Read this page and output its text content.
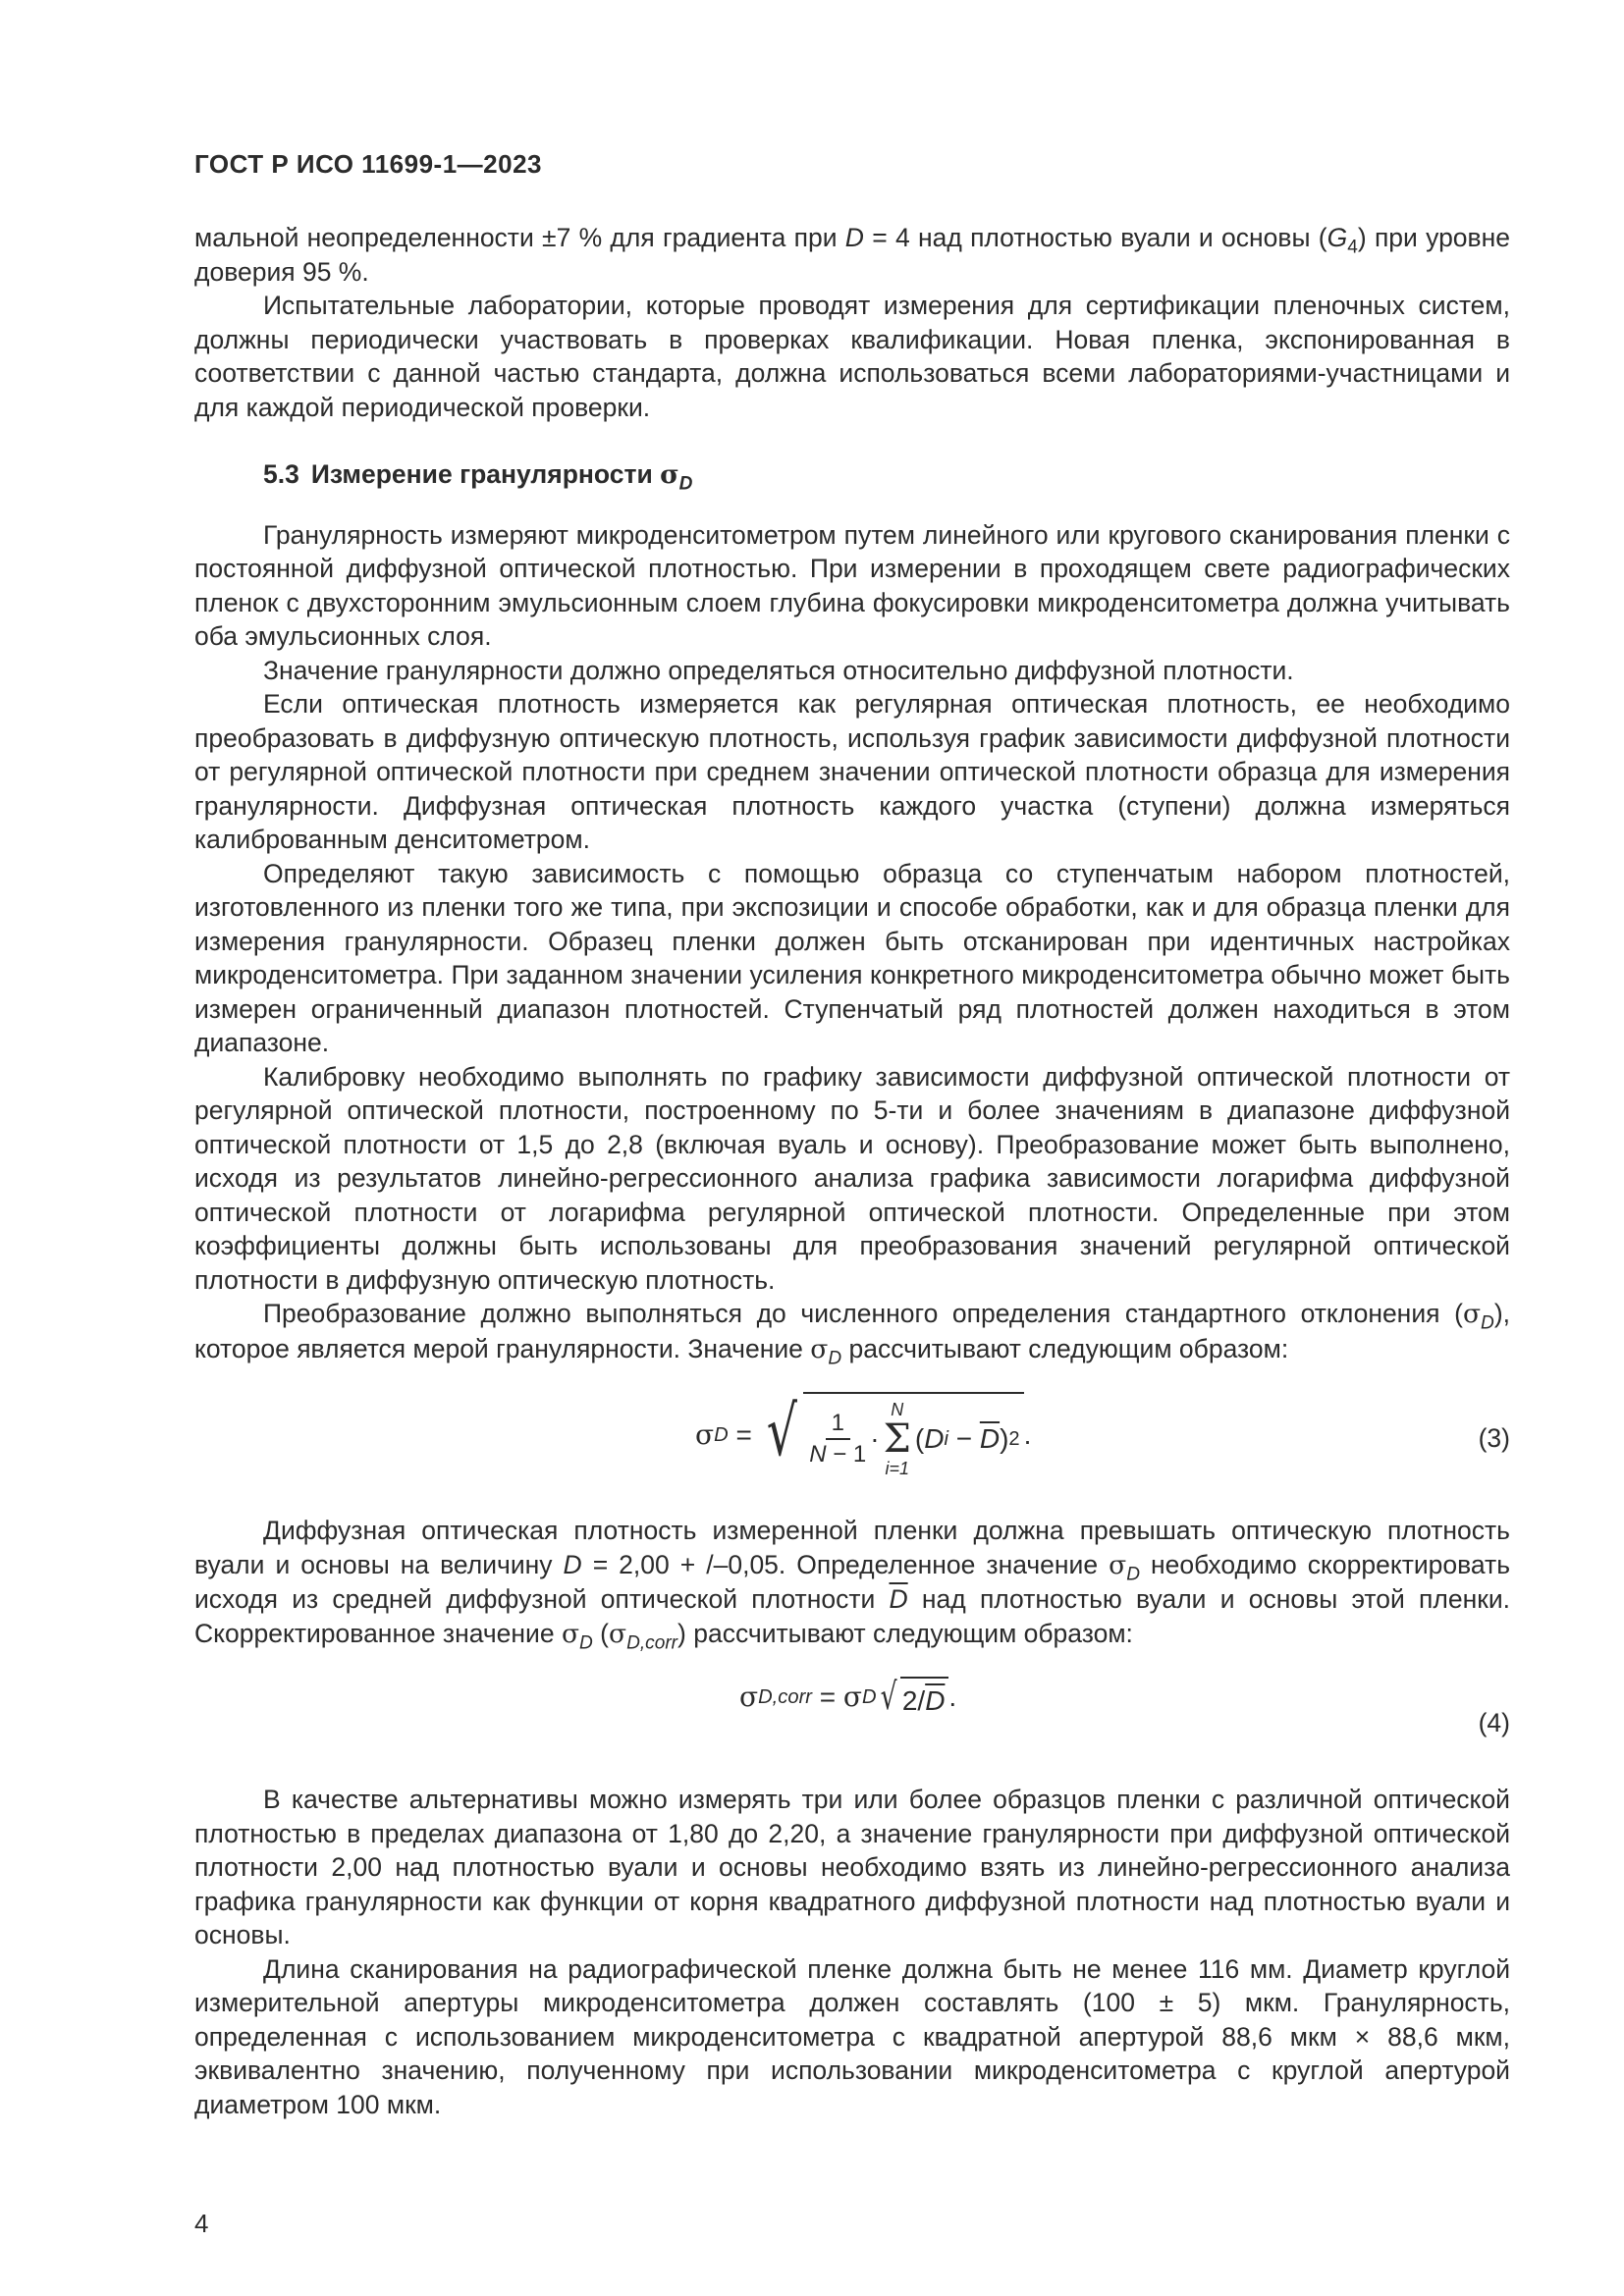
ГОСТ Р ИСО 11699-1—2023

мальной неопределенности ±7 % для градиента при D = 4 над плотностью вуали и основы $(G_4)$ при уровне доверия 95 %.

Испытательные лаборатории, которые проводят измерения для сертификации пленочных систем, должны периодически участвовать в проверках квалификации. Новая пленка, экспонированная в соответствии с данной частью стандарта, должна использоваться всеми лабораториями-участницами и для каждой периодической проверки.

5.3 Измерение гранулярности $\sigma_D$

Гранулярность измеряют микроденситометром путем линейного или кругового сканирования пленки с постоянной диффузной оптической плотностью. При измерении в проходящем свете радиографических пленок с двухсторонним эмульсионным слоем глубина фокусировки микроденситометра должна учитывать оба эмульсионных слоя.

Значение гранулярности должно определяться относительно диффузной плотности.

Если оптическая плотность измеряется как регулярная оптическая плотность, ее необходимо преобразовать в диффузную оптическую плотность, используя график зависимости диффузной плотности от регулярной оптической плотности при среднем значении оптической плотности образца для измерения гранулярности. Диффузная оптическая плотность каждого участка (ступени) должна измеряться калиброванным денситометром.

Определяют такую зависимость с помощью образца со ступенчатым набором плотностей, изготовленного из пленки того же типа, при экспозиции и способе обработки, как и для образца пленки для измерения гранулярности. Образец пленки должен быть отсканирован при идентичных настройках микроденситометра. При заданном значении усиления конкретного микроденситометра обычно может быть измерен ограниченный диапазон плотностей. Ступенчатый ряд плотностей должен находиться в этом диапазоне.

Калибровку необходимо выполнять по графику зависимости диффузной оптической плотности от регулярной оптической плотности, построенному по 5-ти и более значениям в диапазоне диффузной оптической плотности от 1,5 до 2,8 (включая вуаль и основу). Преобразование может быть выполнено, исходя из результатов линейно-регрессионного анализа графика зависимости логарифма диффузной оптической плотности от логарифма регулярной оптической плотности. Определенные при этом коэффициенты должны быть использованы для преобразования значений регулярной оптической плотности в диффузную оптическую плотность.

Преобразование должно выполняться до численного определения стандартного отклонения $(\sigma_D)$, которое является мерой гранулярности. Значение $\sigma_D$ рассчитывают следующим образом:

σ D = √ $\frac{1}{N - 1}$ ·
N
Σ
i=1
(D $i - \overline{D}$ ) 2 .	(3)

Диффузная оптическая плотность измеренной пленки должна превышать оптическую плотность вуали и основы на величину D = 2,00 + /–0,05. Определенное значение $\sigma_D$ необходимо скорректировать исходя из средней диффузной оптической плотности $\overline{D}$ над плотностью вуали и основы этой пленки. Скорректированное значение $\sigma_D$ $(\sigma_{D,corr})$ рассчитывают следующим образом:

σ D,corr = σ D √ 2/ $\overline{D}$ .
(4)

В качестве альтернативы можно измерять три или более образцов пленки с различной оптической плотностью в пределах диапазона от 1,80 до 2,20, а значение гранулярности при диффузной оптической плотности 2,00 над плотностью вуали и основы необходимо взять из линейно-регрессионного анализа графика гранулярности как функции от корня квадратного диффузной плотности над плотностью вуали и основы.

Длина сканирования на радиографической пленке должна быть не менее 116 мм. Диаметр круглой измерительной апертуры микроденситометра должен составлять (100 ± 5) мкм. Гранулярность, определенная с использованием микроденситометра с квадратной апертурой 88,6 мкм × 88,6 мкм, эквивалентно значению, полученному при использовании микроденситометра с круглой апертурой диаметром 100 мкм.

4
